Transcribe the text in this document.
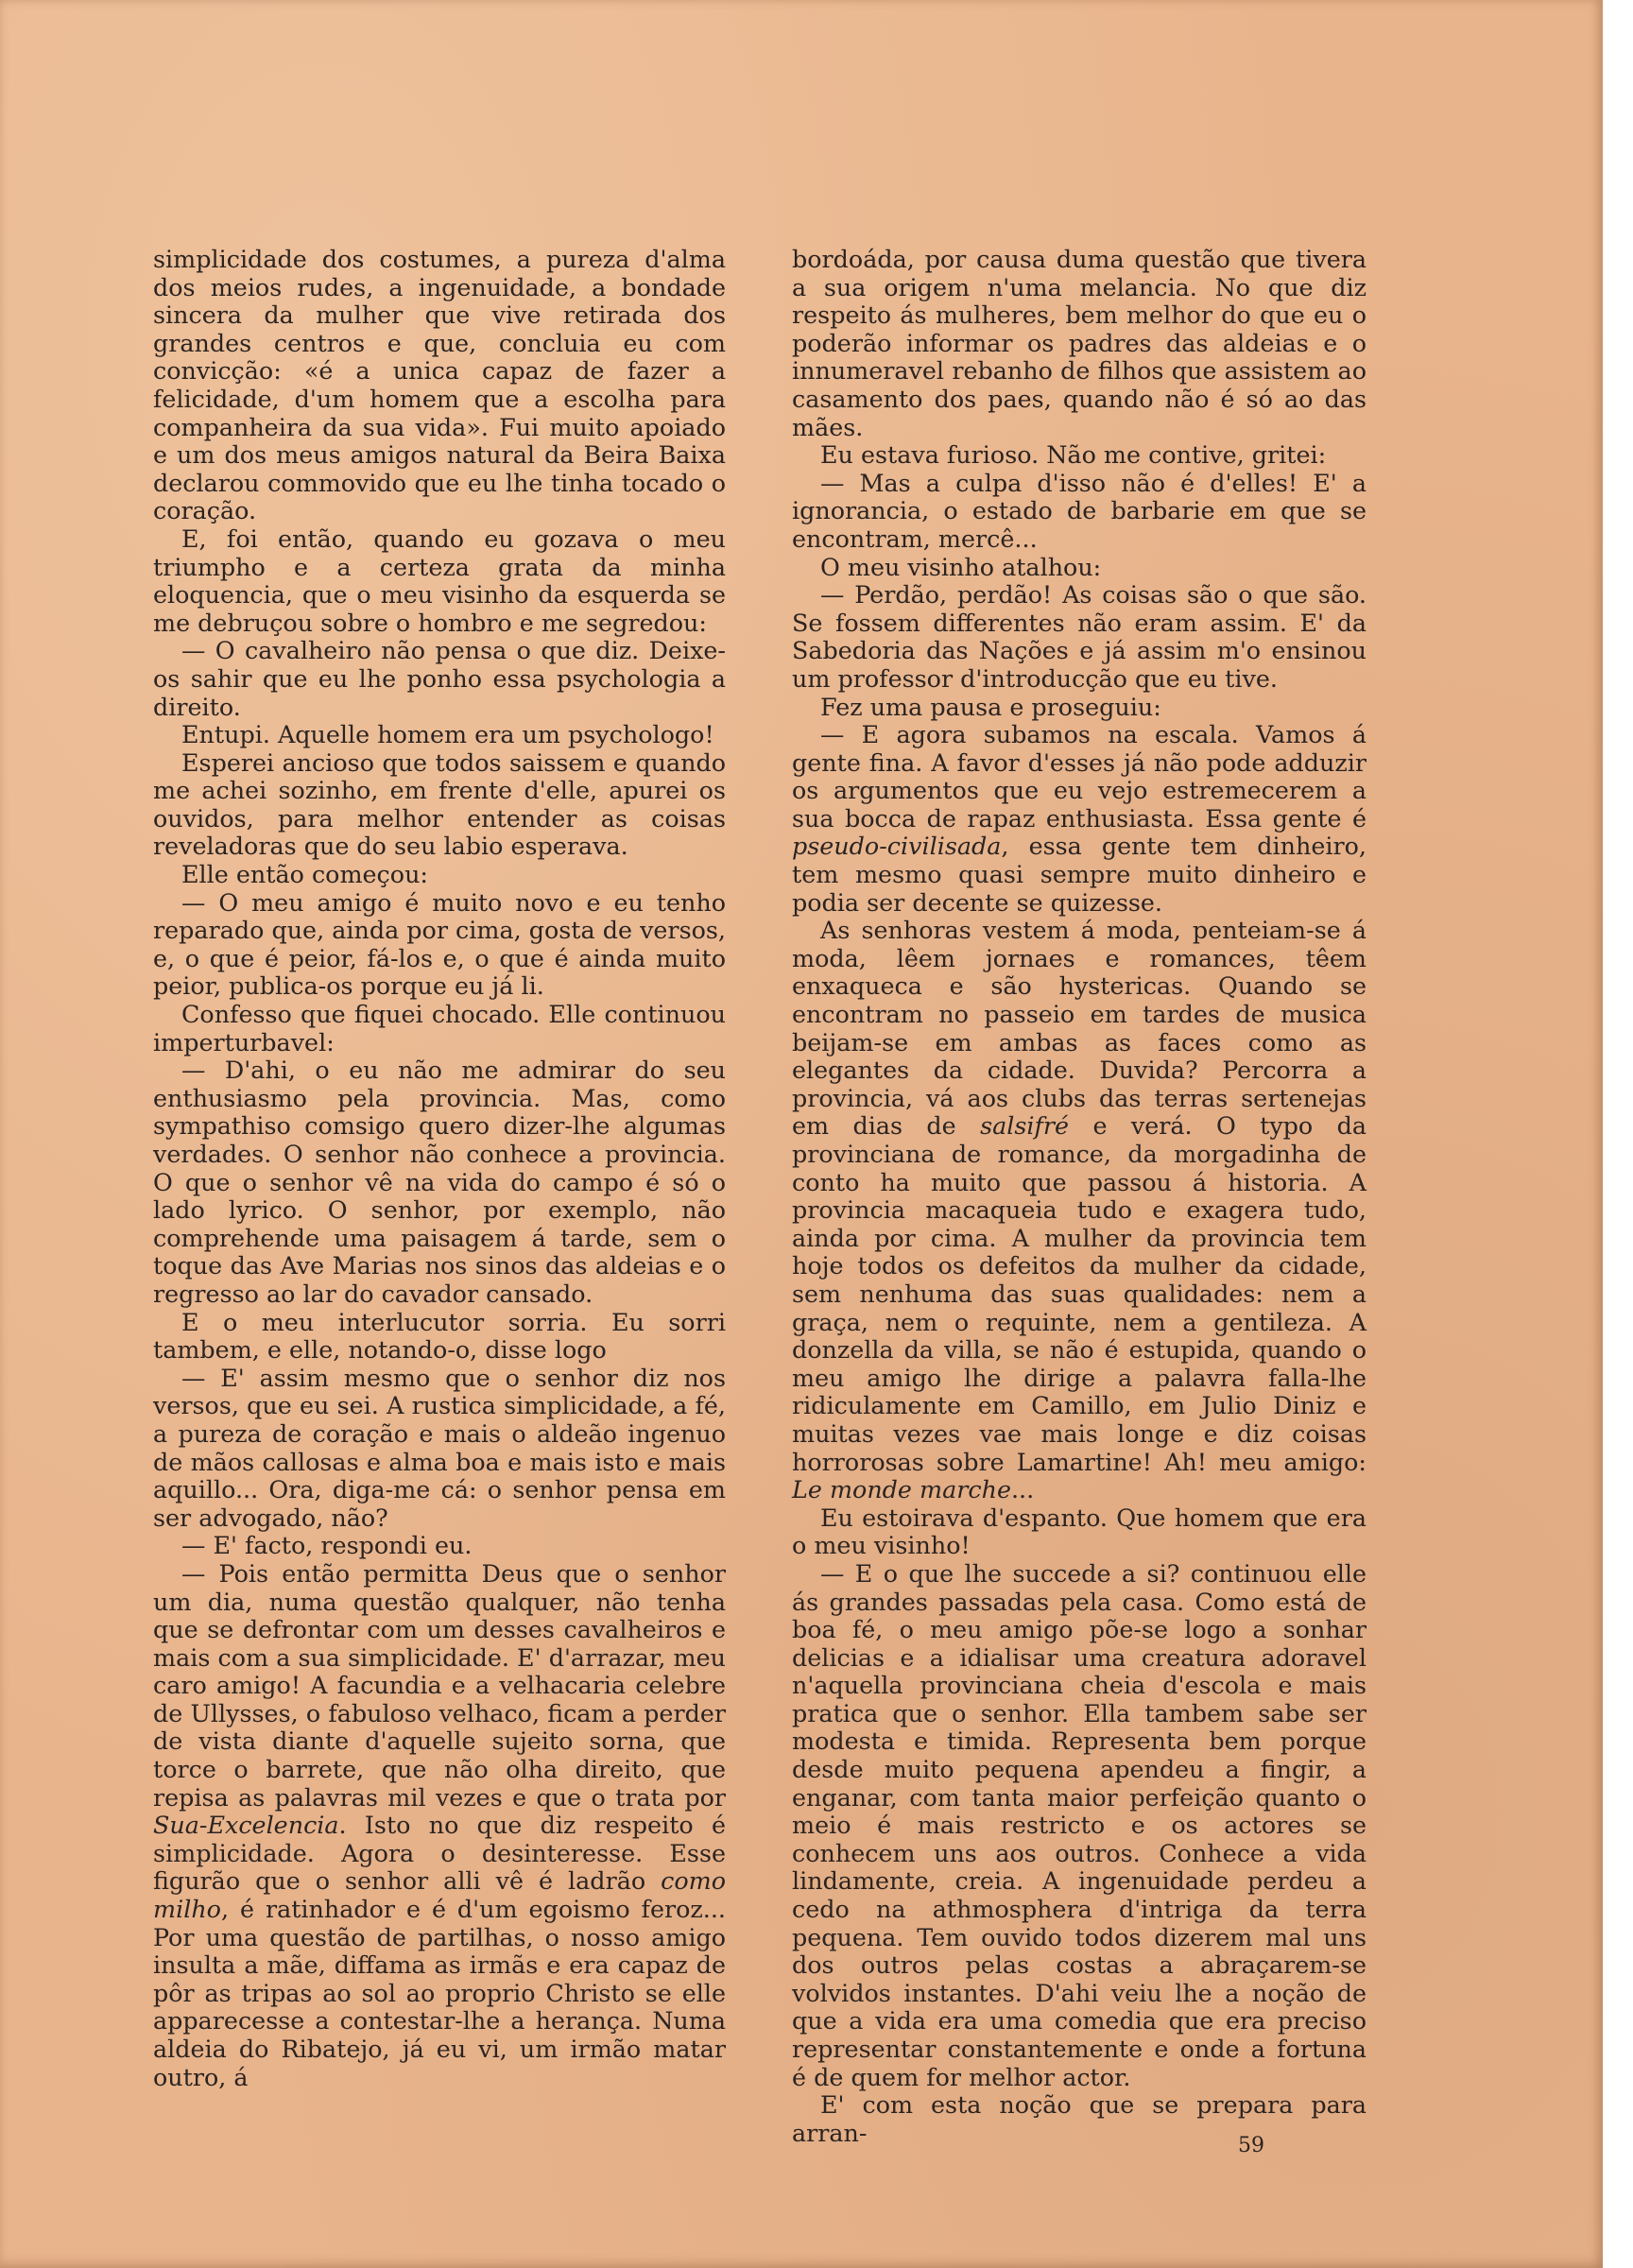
simplicidade dos costumes, a pureza d'alma dos meios rudes, a ingenuidade, a bondade sincera da mulher que vive retirada dos grandes centros e que, concluia eu com convicção: «é a unica capaz de fazer a felicidade, d'um homem que a escolha para companheira da sua vida». Fui muito apoiado e um dos meus amigos natural da Beira Baixa declarou commovido que eu lhe tinha tocado o coração.

E, foi então, quando eu gozava o meu triumpho e a certeza grata da minha eloquencia, que o meu visinho da esquerda se me debruçou sobre o hombro e me segredou:

— O cavalheiro não pensa o que diz. Deixe-os sahir que eu lhe ponho essa psychologia a direito.

Entupi. Aquelle homem era um psychologo!

Esperei ancioso que todos saissem e quando me achei sozinho, em frente d'elle, apurei os ouvidos, para melhor entender as coisas reveladoras que do seu labio esperava.

Elle então começou:

— O meu amigo é muito novo e eu tenho reparado que, ainda por cima, gosta de versos, e, o que é peior, fá-los e, o que é ainda muito peior, publica-os porque eu já li.

Confesso que fiquei chocado. Elle continuou imperturbavel:

— D'ahi, o eu não me admirar do seu enthusiasmo pela provincia. Mas, como sympathiso comsigo quero dizer-lhe algumas verdades. O senhor não conhece a provincia. O que o senhor vê na vida do campo é só o lado lyrico. O senhor, por exemplo, não comprehende uma paisagem á tarde, sem o toque das Ave Marias nos sinos das aldeias e o regresso ao lar do cavador cansado.

E o meu interlucutor sorria. Eu sorri tambem, e elle, notando-o, disse logo

— E' assim mesmo que o senhor diz nos versos, que eu sei. A rustica simplicidade, a fé, a pureza de coração e mais o aldeão ingenuo de mãos callosas e alma boa e mais isto e mais aquillo... Ora, diga-me cá: o senhor pensa em ser advogado, não?

— E' facto, respondi eu.

— Pois então permitta Deus que o senhor um dia, numa questão qualquer, não tenha que se defrontar com um desses cavalheiros e mais com a sua simplicidade. E' d'arrazar, meu caro amigo! A facundia e a velhacaria celebre de Ullysses, o fabuloso velhaco, ficam a perder de vista diante d'aquelle sujeito sorna, que torce o barrete, que não olha direito, que repisa as palavras mil vezes e que o trata por Sua-Excelencia. Isto no que diz respeito é simplicidade. Agora o desinteresse. Esse figurão que o senhor alli vê é ladrão como milho, é ratinhador e é d'um egoismo feroz... Por uma questão de partilhas, o nosso amigo insulta a mãe, diffama as irmãs e era capaz de pôr as tripas ao sol ao proprio Christo se elle apparecesse a contestar-lhe a herança. Numa aldeia do Ribatejo, já eu vi, um irmão matar outro, á

bordoáda, por causa duma questão que tivera a sua origem n'uma melancia. No que diz respeito ás mulheres, bem melhor do que eu o poderão informar os padres das aldeias e o innumeravel rebanho de filhos que assistem ao casamento dos paes, quando não é só ao das mães.

Eu estava furioso. Não me contive, gritei:

— Mas a culpa d'isso não é d'elles! E' a ignorancia, o estado de barbarie em que se encontram, mercê...

O meu visinho atalhou:

— Perdão, perdão! As coisas são o que são. Se fossem differentes não eram assim. E' da Sabedoria das Nações e já assim m'o ensinou um professor d'introducção que eu tive.

Fez uma pausa e proseguiu:

— E agora subamos na escala. Vamos á gente fina. A favor d'esses já não pode adduzir os argumentos que eu vejo estremecerem a sua bocca de rapaz enthusiasta. Essa gente é pseudo-civilisada, essa gente tem dinheiro, tem mesmo quasi sempre muito dinheiro e podia ser decente se quizesse.

As senhoras vestem á moda, penteiam-se á moda, lêem jornaes e romances, têem enxaqueca e são hystericas. Quando se encontram no passeio em tardes de musica beijam-se em ambas as faces como as elegantes da cidade. Duvida? Percorra a provincia, vá aos clubs das terras sertenejas em dias de salsifré e verá. O typo da provinciana de romance, da morgadinha de conto ha muito que passou á historia. A provincia macaqueia tudo e exagera tudo, ainda por cima. A mulher da provincia tem hoje todos os defeitos da mulher da cidade, sem nenhuma das suas qualidades: nem a graça, nem o requinte, nem a gentileza. A donzella da villa, se não é estupida, quando o meu amigo lhe dirige a palavra falla-lhe ridiculamente em Camillo, em Julio Diniz e muitas vezes vae mais longe e diz coisas horrorosas sobre Lamartine! Ah! meu amigo: Le monde marche...

Eu estoirava d'espanto. Que homem que era o meu visinho!

— E o que lhe succede a si? continuou elle ás grandes passadas pela casa. Como está de boa fé, o meu amigo põe-se logo a sonhar delicias e a idialisar uma creatura adoravel n'aquella provinciana cheia d'escola e mais pratica que o senhor. Ella tambem sabe ser modesta e timida. Representa bem porque desde muito pequena apendeu a fingir, a enganar, com tanta maior perfeição quanto o meio é mais restricto e os actores se conhecem uns aos outros. Conhece a vida lindamente, creia. A ingenuidade perdeu a cedo na athmosphera d'intriga da terra pequena. Tem ouvido todos dizerem mal uns dos outros pelas costas a abraçarem-se volvidos instantes. D'ahi veiu lhe a noção de que a vida era uma comedia que era preciso representar constantemente e onde a fortuna é de quem for melhor actor.

E' com esta noção que se prepara para arran-	59
